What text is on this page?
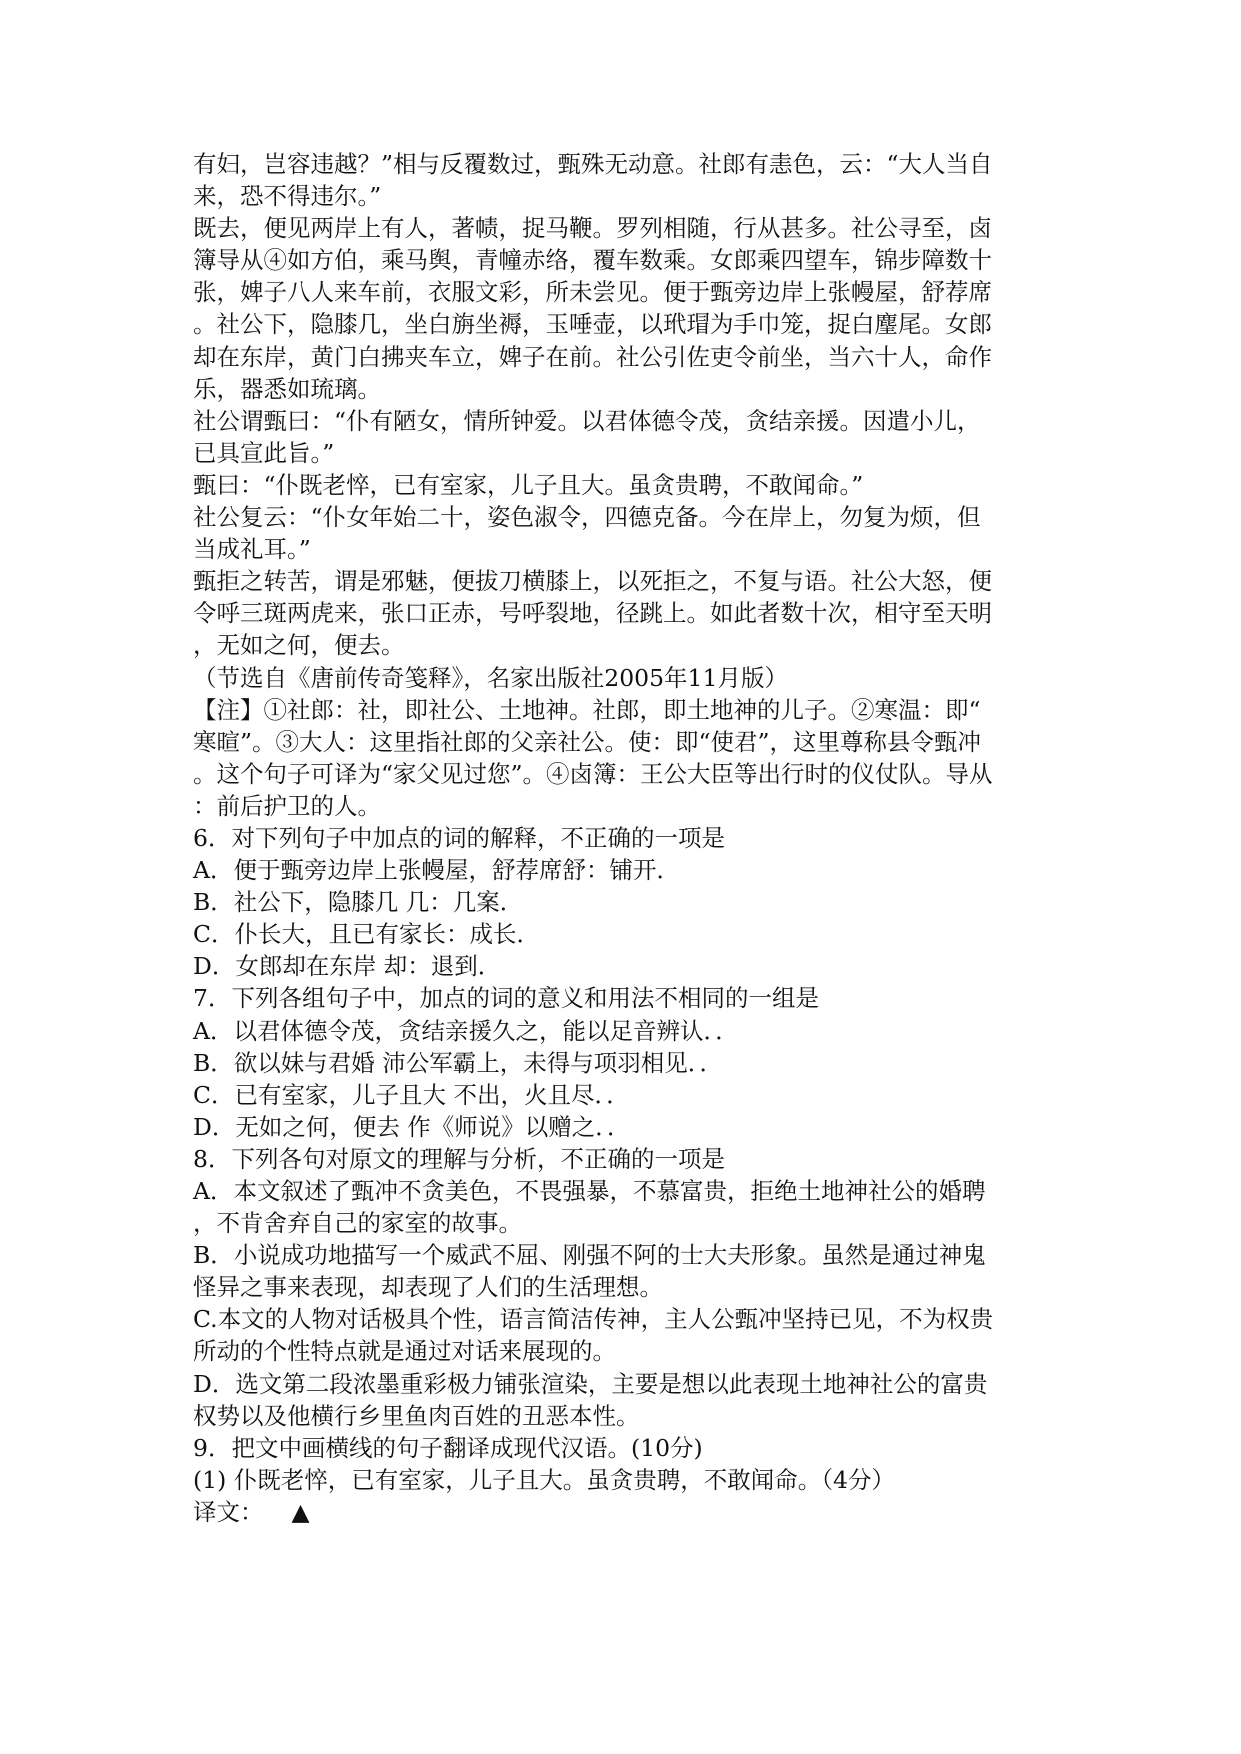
有妇，岂容违越？”相与反覆数过，甄殊无动意。社郎有恚色，云：“大人当自
来，恐不得违尔。”
既去，便见两岸上有人，著帻，捉马鞭。罗列相随，行从甚多。社公寻至，卤
簿导从④如方伯，乘马舆，青幢赤络，覆车数乘。女郎乘四望车，锦步障数十
张，婢子八人来车前，衣服文彩，所未尝见。便于甄旁边岸上张幔屋，舒荐席
。社公下，隐膝几，坐白旃坐褥，玉唾壶，以玳瑁为手巾笼，捉白麈尾。女郎
却在东岸，黄门白拂夹车立，婢子在前。社公引佐吏令前坐，当六十人，命作
乐，器悉如琉璃。
社公谓甄曰：“仆有陋女，情所钟爱。以君体德令茂，贪结亲援。因遣小儿，
已具宣此旨。”
甄曰：“仆既老悴，已有室家，儿子且大。虽贪贵聘，不敢闻命。”
社公复云：“仆女年始二十，姿色淑令，四德克备。今在岸上，勿复为烦，但
当成礼耳。”
甄拒之转苦，谓是邪魅，便拔刀横膝上，以死拒之，不复与语。社公大怒，便
令呼三斑两虎来，张口正赤，号呼裂地，径跳上。如此者数十次，相守至天明
，无如之何，便去。
（节选自《唐前传奇笺释》，名家出版社2005年11月版）
【注】①社郎：社，即社公、土地神。社郎，即土地神的儿子。②寒温：即“
寒暄”。③大人：这里指社郎的父亲社公。使：即“使君”，这里尊称县令甄冲
。这个句子可译为“家父见过您”。④卤簿：王公大臣等出行时的仪仗队。导从
：前后护卫的人。
6．对下列句子中加点的词的解释，不正确的一项是
A．便于甄旁边岸上张幔屋，舒荐席舒：铺开．
B．社公下，隐膝几 几：几案．
C．仆长大，且已有家长：成长．
D．女郎却在东岸 却：退到．
7．下列各组句子中，加点的词的意义和用法不相同的一组是
A．以君体德令茂，贪结亲援久之，能以足音辨认．．
B．欲以妹与君婚 沛公军霸上，未得与项羽相见．．
C．已有室家，儿子且大 不出，火且尽．．
D．无如之何，便去 作《师说》以赠之．．
8．下列各句对原文的理解与分析，不正确的一项是
A．本文叙述了甄冲不贪美色，不畏强暴，不慕富贵，拒绝土地神社公的婚聘
，不肯舍弃自己的家室的故事。
B．小说成功地描写一个威武不屈、刚强不阿的士大夫形象。虽然是通过神鬼
怪异之事来表现，却表现了人们的生活理想。
C.本文的人物对话极具个性，语言简洁传神，主人公甄冲坚持已见，不为权贵
所动的个性特点就是通过对话来展现的。
D．选文第二段浓墨重彩极力铺张渲染，主要是想以此表现土地神社公的富贵
权势以及他横行乡里鱼肉百姓的丑恶本性。
9．把文中画横线的句子翻译成现代汉语。(10分)
(1) 仆既老悴，已有室家，儿子且大。虽贪贵聘，不敢闻命。（4分）
译文： ▲
